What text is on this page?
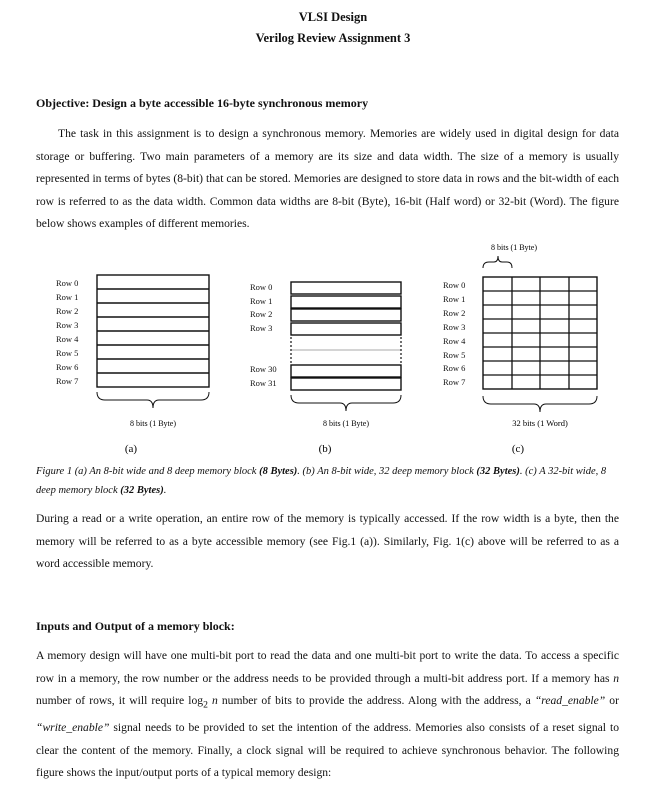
VLSI Design
Verilog Review Assignment 3
Objective: Design a byte accessible 16-byte synchronous memory

The task in this assignment is to design a synchronous memory. Memories are widely used in digital design for data storage or buffering. Two main parameters of a memory are its size and data width. The size of a memory is usually represented in terms of bytes (8-bit) that can be stored. Memories are designed to store data in rows and the bit-width of each row is referred to as the data width. Common data widths are 8-bit (Byte), 16-bit (Half word) or 32-bit (Word). The figure below shows examples of different memories.

Row 0
Row 1
Row 2
Row 3
Row 4
Row 5
Row 6
Row 7
8 bits (1 Byte)
(a)
Row 0
Row 1
Row 2
Row 3
Row 30
Row 31
8 bits (1 Byte)
(b)
8 bits (1 Byte)
Row 0
Row 1
Row 2
Row 3
Row 4
Row 5
Row 6
Row 7
32 bits (1 Word)
(c)

Figure 1 (a) An 8-bit wide and 8 deep memory block (8 Bytes). (b) An 8-bit wide, 32 deep memory block (32 Bytes). (c) A 32-bit wide, 8 deep memory block (32 Bytes).

During a read or a write operation, an entire row of the memory is typically accessed. If the row width is a byte, then the memory will be referred to as a byte accessible memory (see Fig.1 (a)). Similarly, Fig. 1(c) above will be referred to as a word accessible memory.

Inputs and Output of a memory block:

A memory design will have one multi-bit port to read the data and one multi-bit port to write the data. To access a specific row in a memory, the row number or the address needs to be provided through a multi-bit address port. If a memory has n number of rows, it will require $\log_2 n$ number of bits to provide the address. Along with the address, a “read_enable” or “write_enable” signal needs to be provided to set the intention of the address. Memories also consists of a reset signal to clear the content of the memory. Finally, a clock signal will be required to achieve synchronous behavior. The following figure shows the input/output ports of a typical memory design:
